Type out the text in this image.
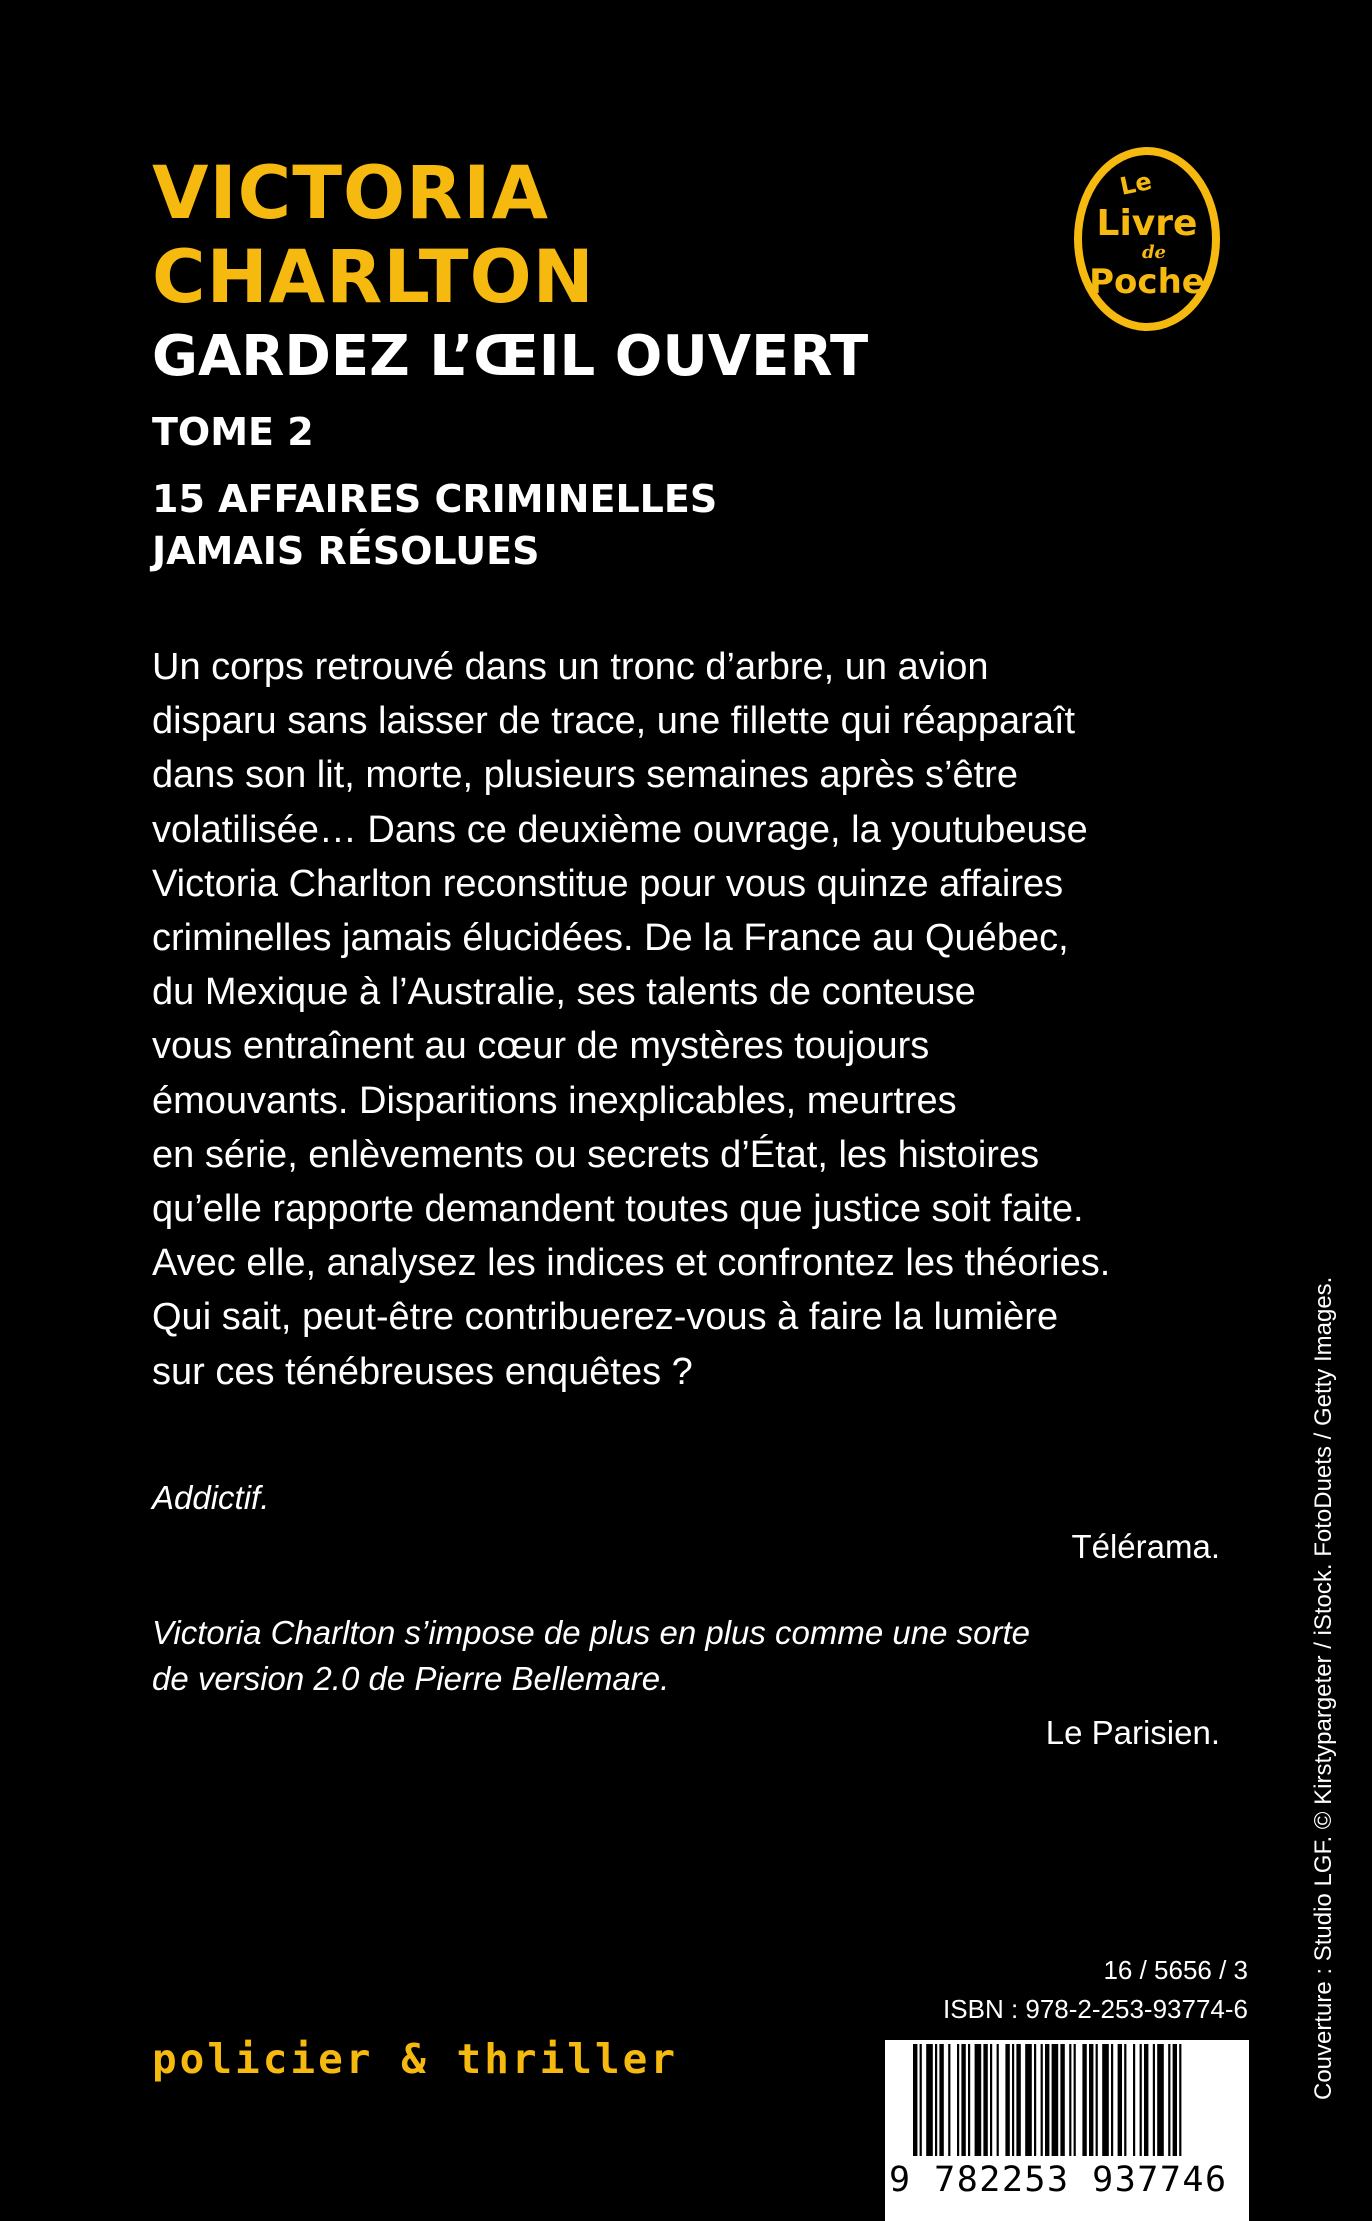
VICTORIA
CHARLTON
GARDEZ L’ŒIL OUVERT
TOME 2
15 AFFAIRES CRIMINELLES
JAMAIS RÉSOLUES
Le
Livre
de
Poche

Un corps retrouvé dans un tronc d’arbre, un avion
disparu sans laisser de trace, une fillette qui réapparaît
dans son lit, morte, plusieurs semaines après s’être
volatilisée… Dans ce deuxième ouvrage, la youtubeuse
Victoria Charlton reconstitue pour vous quinze affaires
criminelles jamais élucidées. De la France au Québec,
du Mexique à l’Australie, ses talents de conteuse
vous entraînent au cœur de mystères toujours
émouvants. Disparitions inexplicables, meurtres
en série, enlèvements ou secrets d’État, les histoires
qu’elle rapporte demandent toutes que justice soit faite.
Avec elle, analysez les indices et confrontez les théories.
Qui sait, peut-être contribuerez-vous à faire la lumière
sur ces ténébreuses enquêtes ?

Addictif.
Télérama.
Victoria Charlton s’impose de plus en plus comme une sorte
de version 2.0 de Pierre Bellemare.
Le Parisien.
16 / 5656 / 3
ISBN : 978-2-253-93774-6
policier & thriller	Couverture : Studio LGF. © Kirstypargeter / iStock. FotoDuets / Getty Images.
9 782253 937746
